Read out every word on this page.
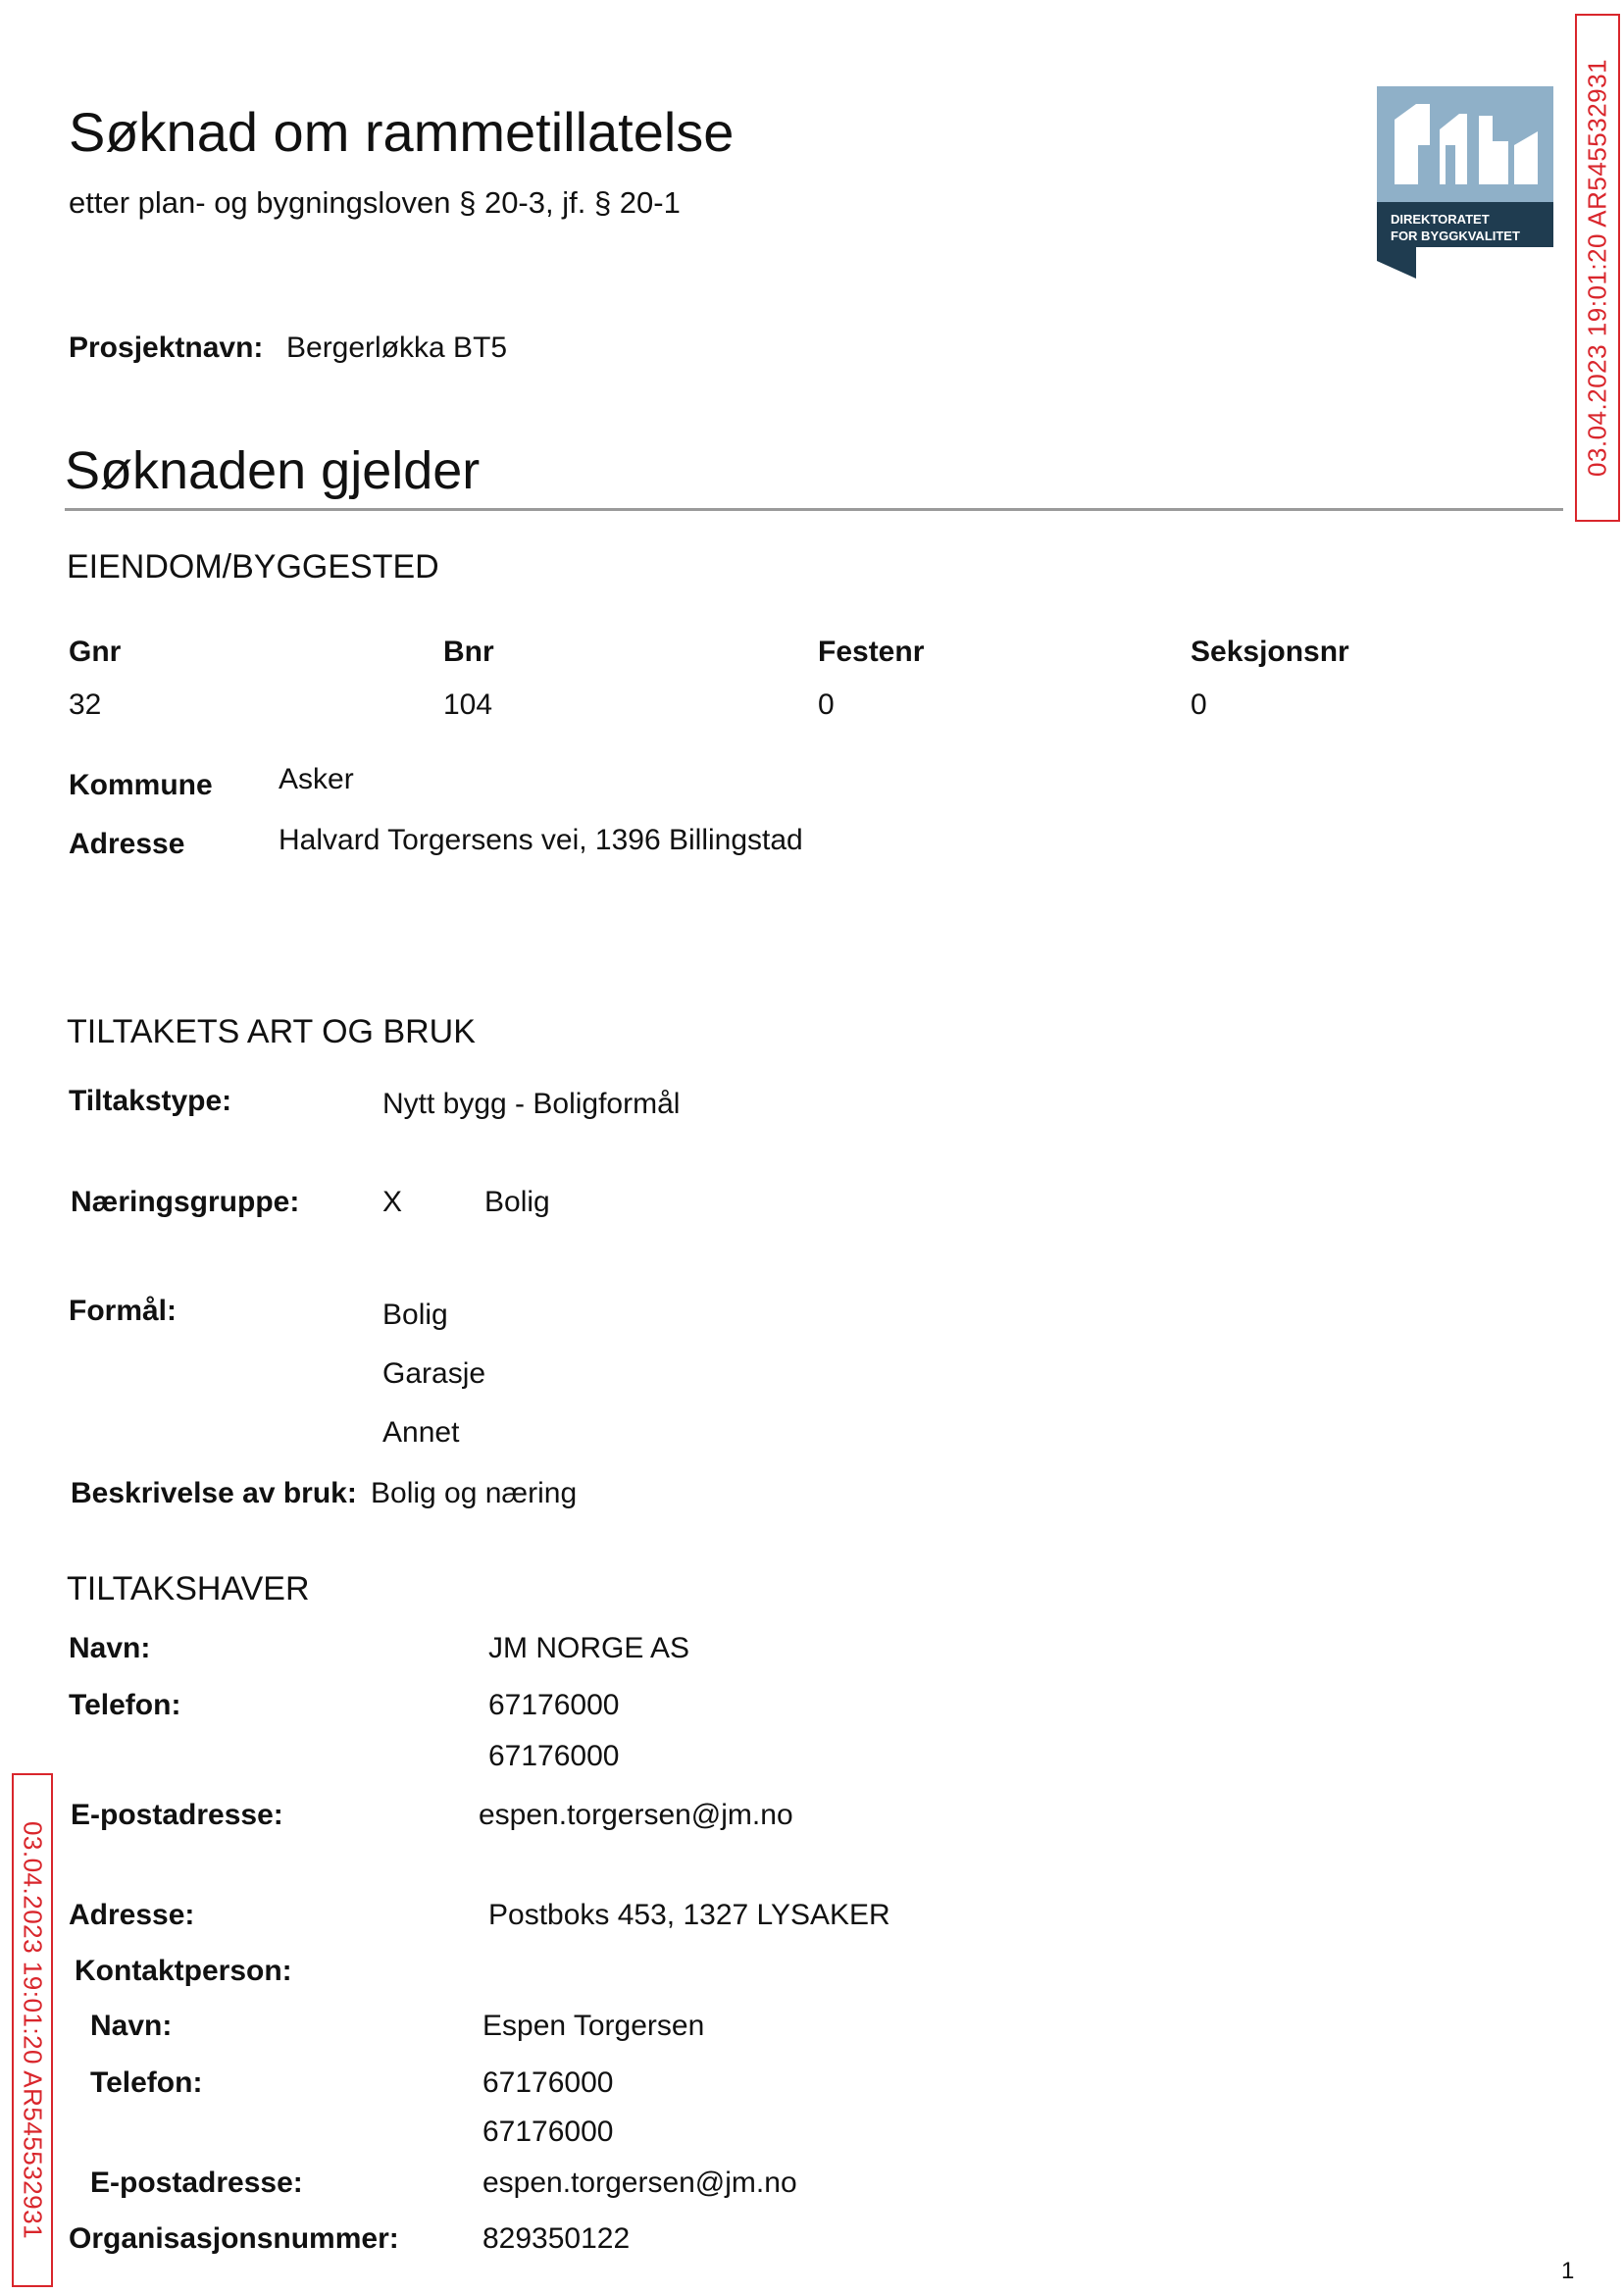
Søknad om rammetillatelse
etter plan- og bygningsloven § 20-3, jf. § 20-1	DIREKTORATET
FOR BYGGKVALITET 03.04.2023 19:01:20 AR545532931
03.04.2023 19:01:20 AR545532931
Prosjektnavn: Bergerløkka BT5
Søknaden gjelder
EIENDOM/BYGGESTED
Gnr	Bnr	Festenr	Seksjonsnr
32	104	0	0
Kommune Asker
Adresse	Halvard Torgersens vei, 1396 Billingstad
TILTAKETS ART OG BRUK
Tiltakstype:	Nytt bygg - Boligformål
Næringsgruppe:	X	Bolig
Formål:	Bolig
Garasje
Annet
Beskrivelse av bruk: Bolig og næring
TILTAKSHAVER
Navn:	JM NORGE AS
Telefon:	67176000
67176000
E-postadresse:	espen.torgersen@jm.no
Adresse:	Postboks 453, 1327 LYSAKER
Kontaktperson:
Navn:	Espen Torgersen
Telefon:	67176000
67176000
E-postadresse:	espen.torgersen@jm.no
Organisasjonsnummer:	829350122
1
